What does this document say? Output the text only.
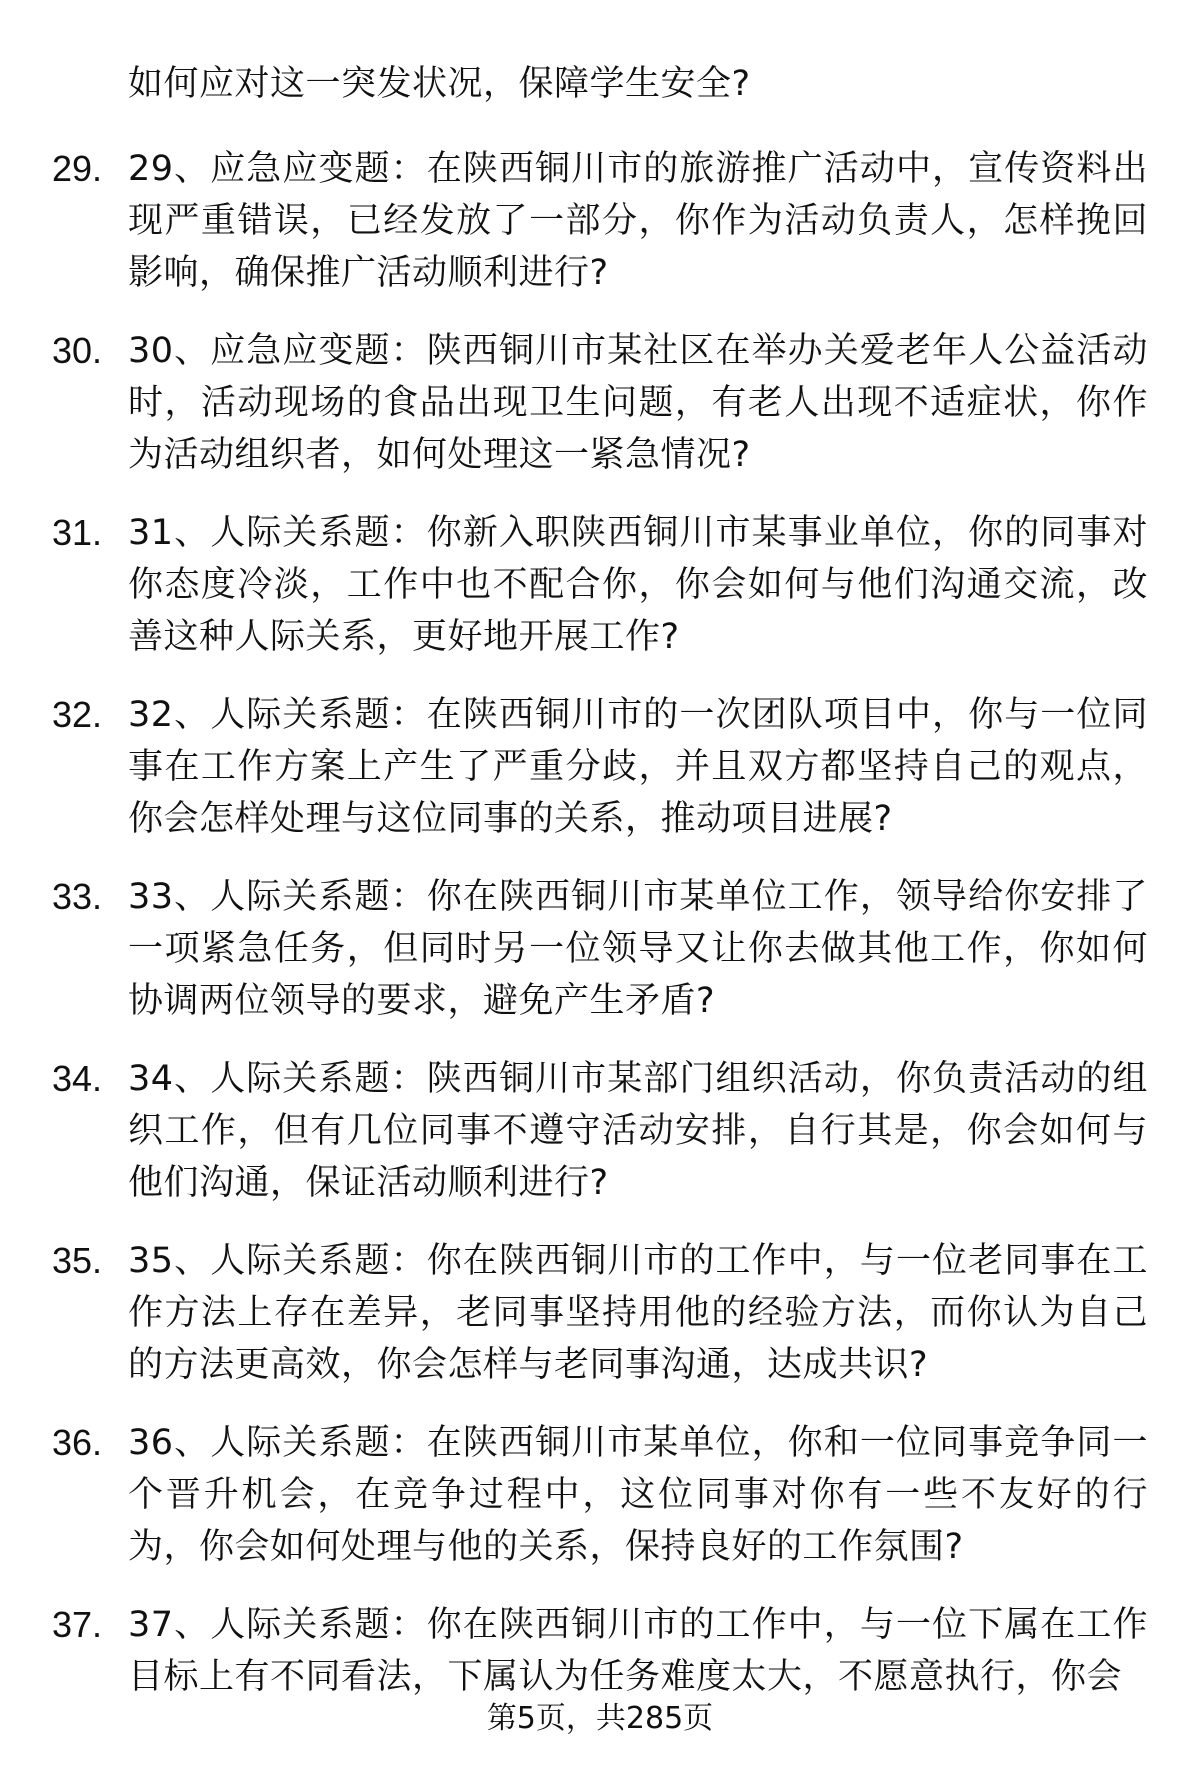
如何应对这一突发状况，保障学生安全?
29. 29、应急应变题：在陕西铜川市的旅游推广活动中，宣传资料出现严重错误，已经发放了一部分，你作为活动负责人，怎样挽回影响，确保推广活动顺利进行?
30. 30、应急应变题：陕西铜川市某社区在举办关爱老年人公益活动时，活动现场的食品出现卫生问题，有老人出现不适症状，你作为活动组织者，如何处理这一紧急情况?
31. 31、人际关系题：你新入职陕西铜川市某事业单位，你的同事对你态度冷淡，工作中也不配合你，你会如何与他们沟通交流，改善这种人际关系，更好地开展工作?
32. 32、人际关系题：在陕西铜川市的一次团队项目中，你与一位同事在工作方案上产生了严重分歧，并且双方都坚持自己的观点，你会怎样处理与这位同事的关系，推动项目进展?
33. 33、人际关系题：你在陕西铜川市某单位工作，领导给你安排了一项紧急任务，但同时另一位领导又让你去做其他工作，你如何协调两位领导的要求，避免产生矛盾?
34. 34、人际关系题：陕西铜川市某部门组织活动，你负责活动的组织工作，但有几位同事不遵守活动安排，自行其是，你会如何与他们沟通，保证活动顺利进行?
35. 35、人际关系题：你在陕西铜川市的工作中，与一位老同事在工作方法上存在差异，老同事坚持用他的经验方法，而你认为自己的方法更高效，你会怎样与老同事沟通，达成共识?
36. 36、人际关系题：在陕西铜川市某单位，你和一位同事竞争同一个晋升机会，在竞争过程中，这位同事对你有一些不友好的行为，你会如何处理与他的关系，保持良好的工作氛围?
37. 37、人际关系题：你在陕西铜川市的工作中，与一位下属在工作目标上有不同看法，下属认为任务难度太大，不愿意执行，你会
第5页，共285页
